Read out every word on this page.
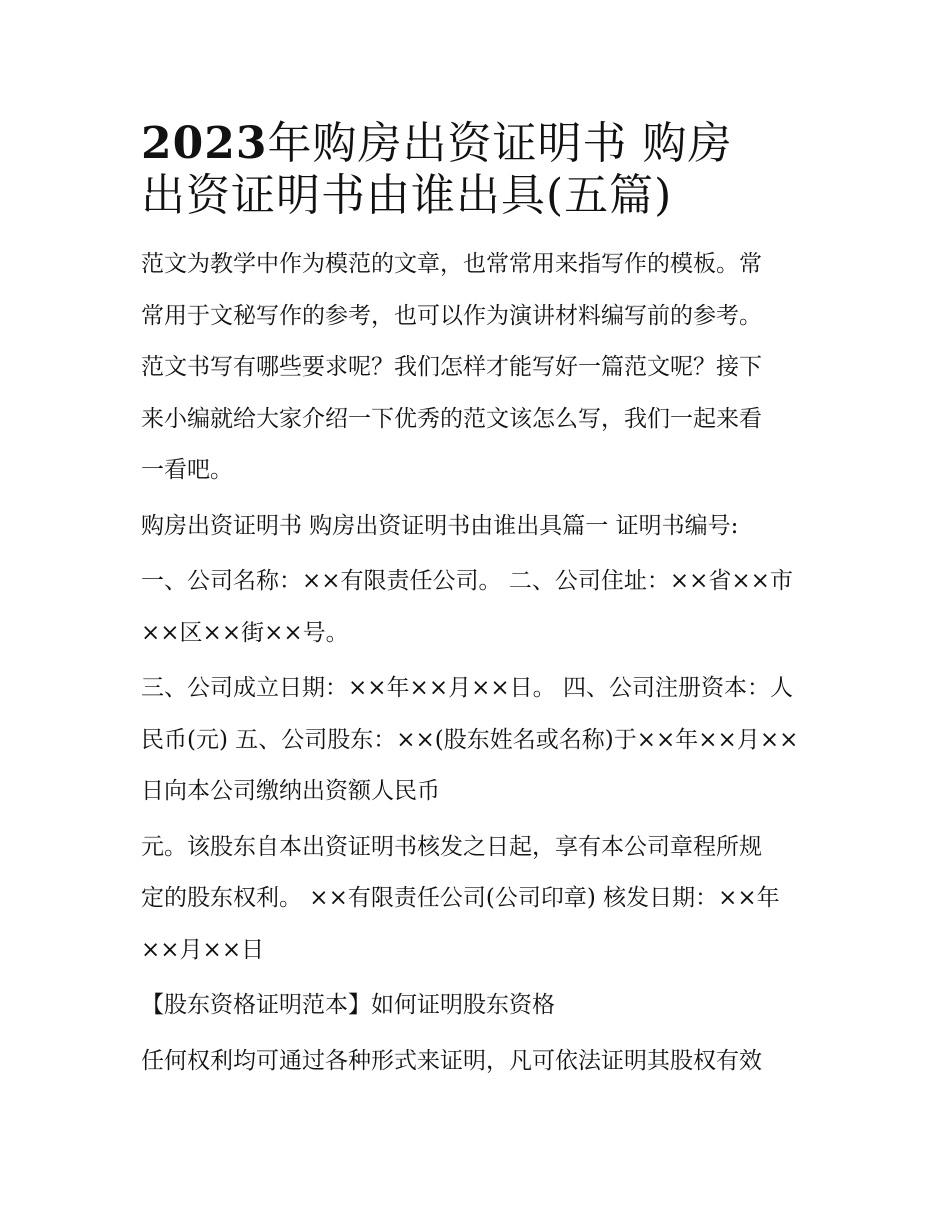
2023年购房出资证明书 购房
出资证明书由谁出具(五篇)

范文为教学中作为模范的文章，也常常用来指写作的模板。常
常用于文秘写作的参考，也可以作为演讲材料编写前的参考。
范文书写有哪些要求呢？我们怎样才能写好一篇范文呢？接下
来小编就给大家介绍一下优秀的范文该怎么写，我们一起来看
一看吧。

购房出资证明书 购房出资证明书由谁出具篇一 证明书编号:

一、公司名称：××有限责任公司。 二、公司住址：××省××市
××区××街××号。

三、公司成立日期：××年××月××日。 四、公司注册资本：人
民币(元) 五、公司股东：××(股东姓名或名称)于××年××月××
日向本公司缴纳出资额人民币

元。该股东自本出资证明书核发之日起，享有本公司章程所规
定的股东权利。 ××有限责任公司(公司印章) 核发日期：××年
××月××日

【股东资格证明范本】如何证明股东资格

任何权利均可通过各种形式来证明，凡可依法证明其股权有效
